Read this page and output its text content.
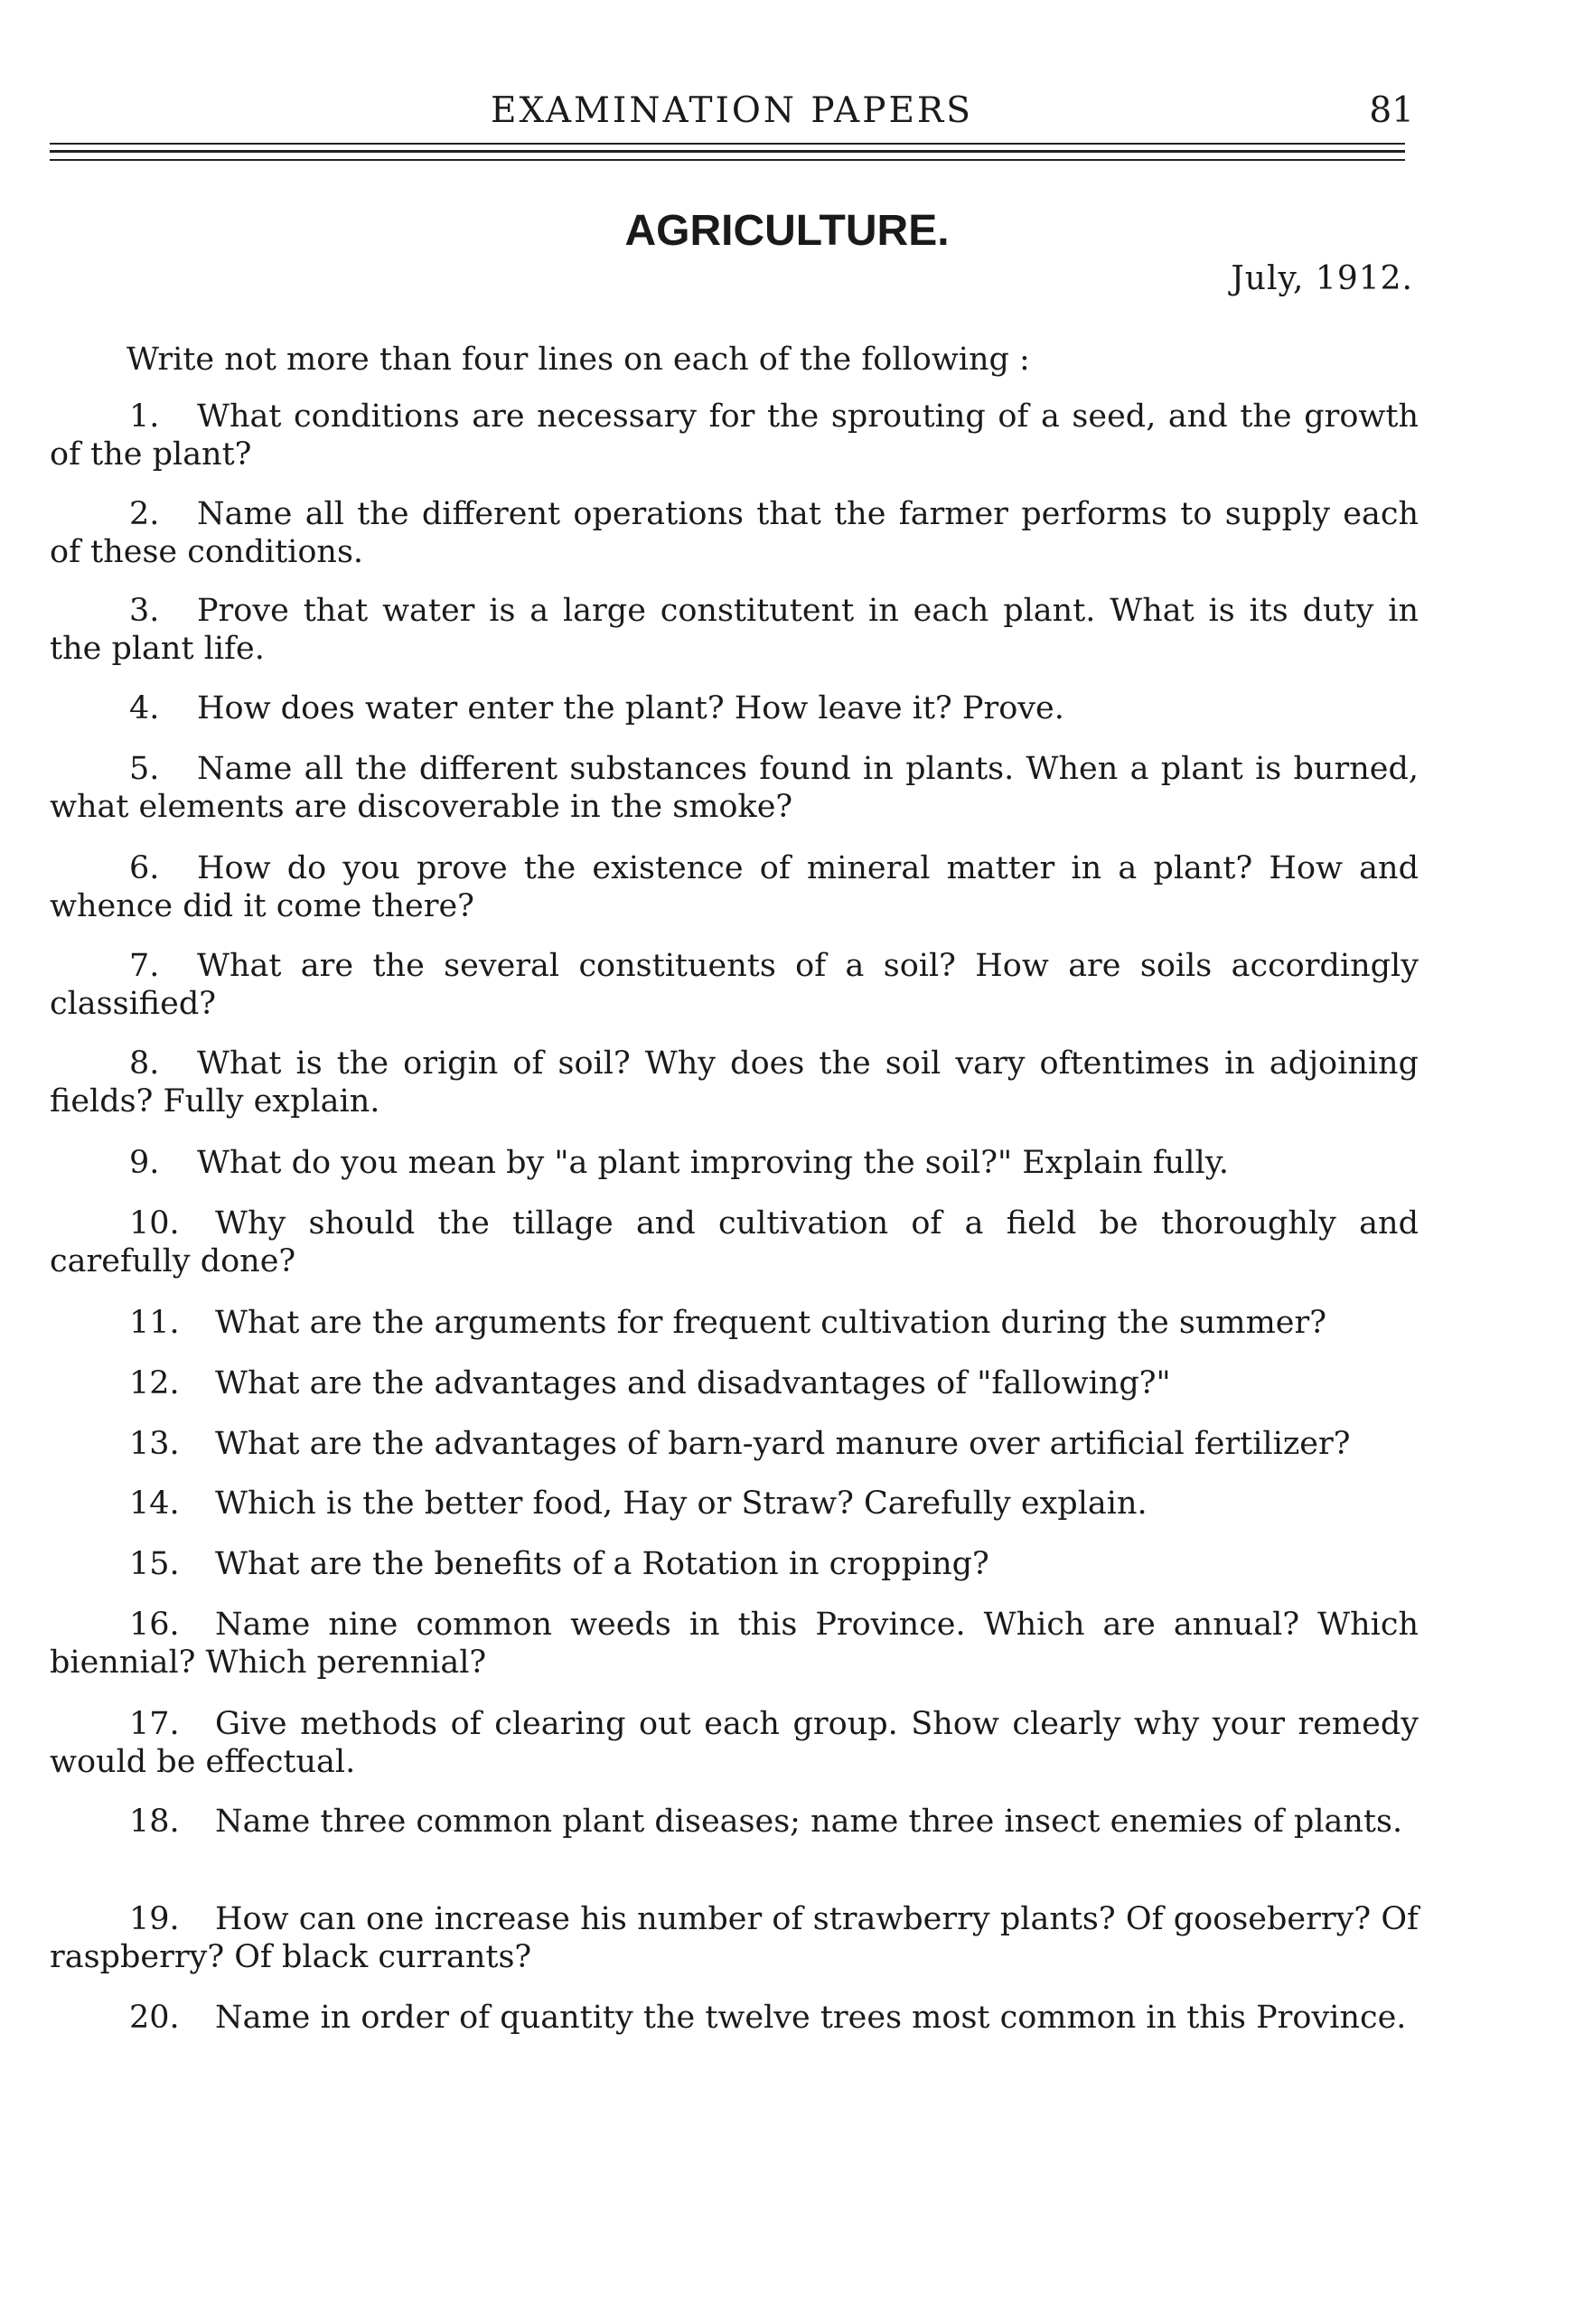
EXAMINATION PAPERS	81
AGRICULTURE.
July, 1912.
Write not more than four lines on each of the following :
1. What conditions are necessary for the sprouting of a seed, and the growth of the plant?
2. Name all the different operations that the farmer performs to supply each of these conditions.
3. Prove that water is a large constitutent in each plant. What is its duty in the plant life.
4. How does water enter the plant? How leave it? Prove.
5. Name all the different substances found in plants. When a plant is burned, what elements are discoverable in the smoke?
6. How do you prove the existence of mineral matter in a plant? How and whence did it come there?
7. What are the several constituents of a soil? How are soils accordingly classified?
8. What is the origin of soil? Why does the soil vary oftentimes in adjoining fields? Fully explain.
9. What do you mean by "a plant improving the soil?" Explain fully.
10. Why should the tillage and cultivation of a field be thoroughly and carefully done?
11. What are the arguments for frequent cultivation during the summer?
12. What are the advantages and disadvantages of "fallowing?"
13. What are the advantages of barn-yard manure over artificial fertilizer?
14. Which is the better food, Hay or Straw? Carefully explain.
15. What are the benefits of a Rotation in cropping?
16. Name nine common weeds in this Province. Which are annual? Which biennial? Which perennial?
17. Give methods of clearing out each group. Show clearly why your remedy would be effectual.
18. Name three common plant diseases; name three insect enemies of plants.
19. How can one increase his number of strawberry plants? Of gooseberry? Of raspberry? Of black currants?
20. Name in order of quantity the twelve trees most common in this Province.
